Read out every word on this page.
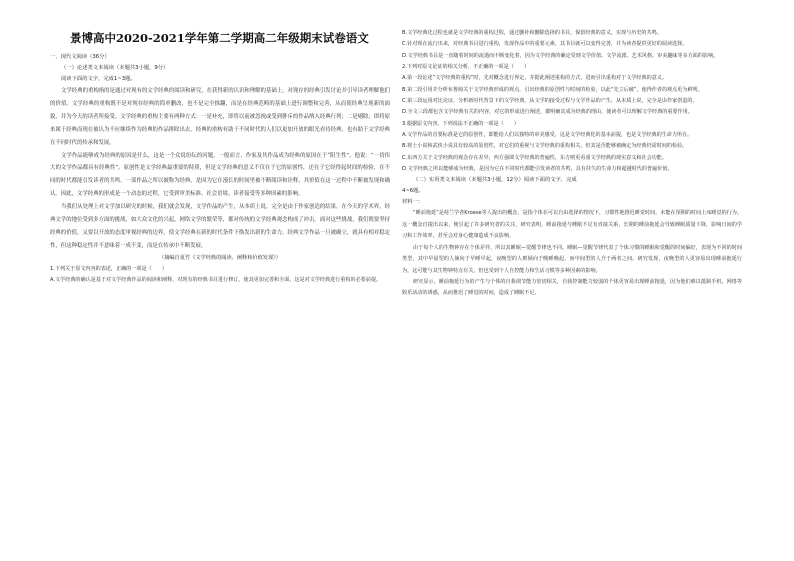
景博高中2020-2021学年第二学期高二年级期末试卷语文

一、现代文阅读（36分）

（一）论述类文本阅读（本题共3小题，9分）

阅读下面的文字，完成1~3题。

文学经典的重构指的是通过对现有的文学经典的阅读和研究，在获得新的认识和理解的基础上，对现存的经典引发讨论并引导读者理解他们的价值。文学经典的重构既不是对现存经典的简单删改，也不是完全推翻，而是在经典范畴的基础上进行调整和完善，从而使经典呈现新的面貌，并为今天的读者所接受。文学经典的重构主要有两种方式：一是补充，即将以前被忽视或受到排斥的作品纳入经典行列；二是剔除，即将原来属于经典而现在被认为不应继续作为经典的作品排除出去。经典的重构有助于不同时代的人们以更加开放的眼光看待经典，也有助于文学经典在不同时代的传承和发展。

文学作品能够成为经典的原因是什么，这是一个众说纷纭的问题。一般而言，作家及其作品成为经典的原因在于“阳生性”。他说：“一切伟大的文学作品都具有经典性”。原创性是文学经典最重要的特质，但是文学经典的意义不仅在于它的原创性，还在于它经得起时间的检验，在不同的时代都能引发读者的共鸣。一部作品之所以被称为经典，是因为它在漫长的时间里被不断阅读和诠释，其价值在这一过程中不断被发现和确认。因此，文学经典的形成是一个动态的过程，它受到审美标准、社会语境、读者接受等多种因素的影响。

当我们从处理上对文学加以研究的时候，我们就会发现，文学作品的产生，从本质上说，完全是由于作家创造的结果。在今天的学术界，经典文学的地位受到多方面的挑战，如大众文化的兴起、网络文学的繁荣等，都对传统的文学经典观念构成了冲击。面对这些挑战，我们既要坚持经典的价值，又要以开放的态度审视经典的边界，使文学经典在新的时代条件下焕发出新的生命力。经典文学作品一旦被确立，就具有相对稳定性，但这种稳定性并不意味着一成不变，而是在传承中不断发展。

（摘编自夏竹《文学经典的阅读、阐释和价值发现》）

1.下列关于原文内容的表述，正确的一项是（　　）

A.文学经典的确认是基于对文学经典作品的阅读和阐释，对现有的经典书目进行修订，使其更加完善和全面，这是对文学经典进行重构的必要前提。

B.文学经典化过程也就是文学经典的重构过程，通过删补和删除选择的书目，保留经典的意义，实现与历史的共鸣。

C.针对现在流行出来，对经典书目进行重构，发现作品中的重要元素，其书目就可以变得完善，并为读者提供更好的阅读选择。

D.文学经典书目是一直随着时间的流逝而不断变化着，因为文学经典的确定受到文学价值、文学流派、艺术风格、审美趣味等多方面的影响。

2.下列对原文论证的相关分析，不正确的一项是（　　）

A.第一段论述“文学经典的重构”时，先对概念进行界定，并据此阐述重构的方式，进而引出重构对于文学经典的意义。

B.第二段引用并分析布鲁姆关于文学经典形成的观点，引出经典的原创性与时间的检验，以此“先立后破”，使得作者的观点更为鲜明。

C.第三段运用对比论证，分析新时代背景下的文学经典，从文学的接受过程与文学作品的产生，从本质上说，完全是由作家创造的。

D.全文三段都包含文学经典有关的内容，对它的形成进行阐述，都明确其成为经典的理由，使读者可以理解文学经典的重要作用。

3.根据原文内容，下列说法不正确的一项是（　　）

A.文学作品的首要标准是它的原创性，即能给人们以独特的审美感受，这是文学经典化的基本前提，也是文学经典的生命力所在。

B.将士小说和武侠小说具有较高的原创性，对它们的重视与文学经典的重构相关，但其是否能够被确定为经典仍需时间的检验。

C.东西方关于文学经典的观念存在差异，西方强调文学经典的普遍性，东方则更看重文学经典的现实意义和社会功能。

D.文学经典之所以能够成为经典，是因为它在不同时代都能引发读者的共鸣，具有持久的生命力和超越时代的普遍价值。

（二）实用类文本阅读（本题共3小题，12分）阅读下面的文字，完成

4~6题。

材料一：

“睡前拖延”是荷兰学者Kroese等人提出的概念，是指个体在可以自由选择的情况下，习惯性地推迟睡觉时间，未能在预期的时间上床睡觉的行为。这一概念自提出以来，便引起了许多研究者的关注。研究表明，睡前拖延与睡眠不足有直接关系，长期的睡前拖延会导致睡眠质量下降，影响日间的学习和工作效率，甚至会对身心健康造成不良影响。

由于每个人的生物钟存在个体差异，所以其睡眠—觉醒节律也不同。睡眠—觉醒节律代表了个体习惯的睡眠和觉醒的时间偏好，表现为不同的时间类型，其中早晨型的人倾向于早睡早起，夜晚型的人则倾向于晚睡晚起，而中间型的人介于两者之间。研究发现，夜晚型的人更容易出现睡前拖延行为，这可能与其生物钟特点有关，但也受到个人自控能力和生活习惯等多种因素的影响。

研究显示，睡前拖延行为的产生与个体的自我调节能力密切相关，自我控制能力较弱的个体更容易出现睡前拖延，因为他们难以抵制手机、网络等娱乐活动的诱惑，从而推迟了睡觉的时间，造成了睡眠不足。
